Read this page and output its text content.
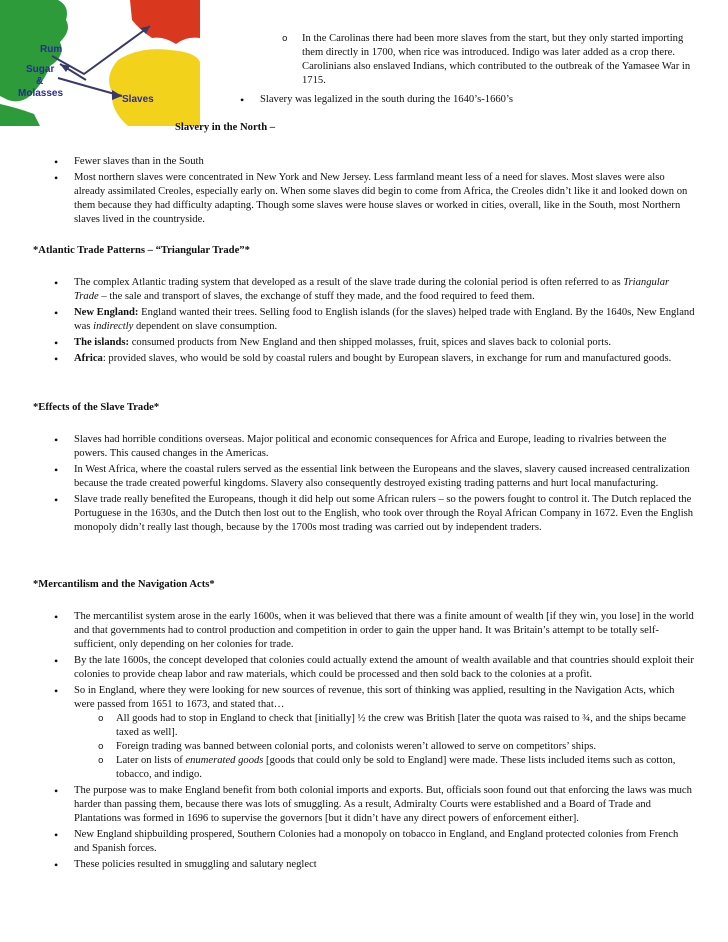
Rum
Sugar
&
Molasses
Slaves
o In the Carolinas there had been more slaves from the start, but they only started importing them directly in 1700, when rice was introduced. Indigo was later added as a crop there. Carolinians also enslaved Indians, which contributed to the outbreak of the Yamasee War in 1715.
• Slavery was legalized in the south during the 1640’s-1660’s
Slavery in the North –
• Fewer slaves than in the South
• Most northern slaves were concentrated in New York and New Jersey. Less farmland meant less of a need for slaves. Most slaves were also already assimilated Creoles, especially early on. When some slaves did begin to come from Africa, the Creoles didn’t like it and looked down on them because they had difficulty adapting. Though some slaves were house slaves or worked in cities, overall, like in the South, most Northern slaves lived in the countryside.
*Atlantic Trade Patterns – “Triangular Trade”*
• The complex Atlantic trading system that developed as a result of the slave trade during the colonial period is often referred to as Triangular Trade – the sale and transport of slaves, the exchange of stuff they made, and the food required to feed them.
• New England: England wanted their trees. Selling food to English islands (for the slaves) helped trade with England. By the 1640s, New England was indirectly dependent on slave consumption.
• The islands: consumed products from New England and then shipped molasses, fruit, spices and slaves back to colonial ports.
• Africa: provided slaves, who would be sold by coastal rulers and bought by European slavers, in exchange for rum and manufactured goods.
*Effects of the Slave Trade*
• Slaves had horrible conditions overseas. Major political and economic consequences for Africa and Europe, leading to rivalries between the powers. This caused changes in the Americas.
• In West Africa, where the coastal rulers served as the essential link between the Europeans and the slaves, slavery caused increased centralization because the trade created powerful kingdoms. Slavery also consequently destroyed existing trading patterns and hurt local manufacturing.
• Slave trade really benefited the Europeans, though it did help out some African rulers – so the powers fought to control it. The Dutch replaced the Portuguese in the 1630s, and the Dutch then lost out to the English, who took over through the Royal African Company in 1672. Even the English monopoly didn’t really last though, because by the 1700s most trading was carried out by independent traders.
*Mercantilism and the Navigation Acts*
• The mercantilist system arose in the early 1600s, when it was believed that there was a finite amount of wealth [if they win, you lose] in the world and that governments had to control production and competition in order to gain the upper hand. It was Britain’s attempt to be totally self-sufficient, only depending on her colonies for trade.
• By the late 1600s, the concept developed that colonies could actually extend the amount of wealth available and that countries should exploit their colonies to provide cheap labor and raw materials, which could be processed and then sold back to the colonies at a profit.
• So in England, where they were looking for new sources of revenue, this sort of thinking was applied, resulting in the Navigation Acts, which were passed from 1651 to 1673, and stated that…
o All goods had to stop in England to check that [initially] ½ the crew was British [later the quota was raised to ¾, and the ships became taxed as well].
o Foreign trading was banned between colonial ports, and colonists weren’t allowed to serve on competitors’ ships.
o Later on lists of enumerated goods [goods that could only be sold to England] were made. These lists included items such as cotton, tobacco, and indigo.
• The purpose was to make England benefit from both colonial imports and exports. But, officials soon found out that enforcing the laws was much harder than passing them, because there was lots of smuggling. As a result, Admiralty Courts were established and a Board of Trade and Plantations was formed in 1696 to supervise the governors [but it didn’t have any direct powers of enforcement either].
• New England shipbuilding prospered, Southern Colonies had a monopoly on tobacco in England, and England protected colonies from French and Spanish forces.
• These policies resulted in smuggling and salutary neglect
